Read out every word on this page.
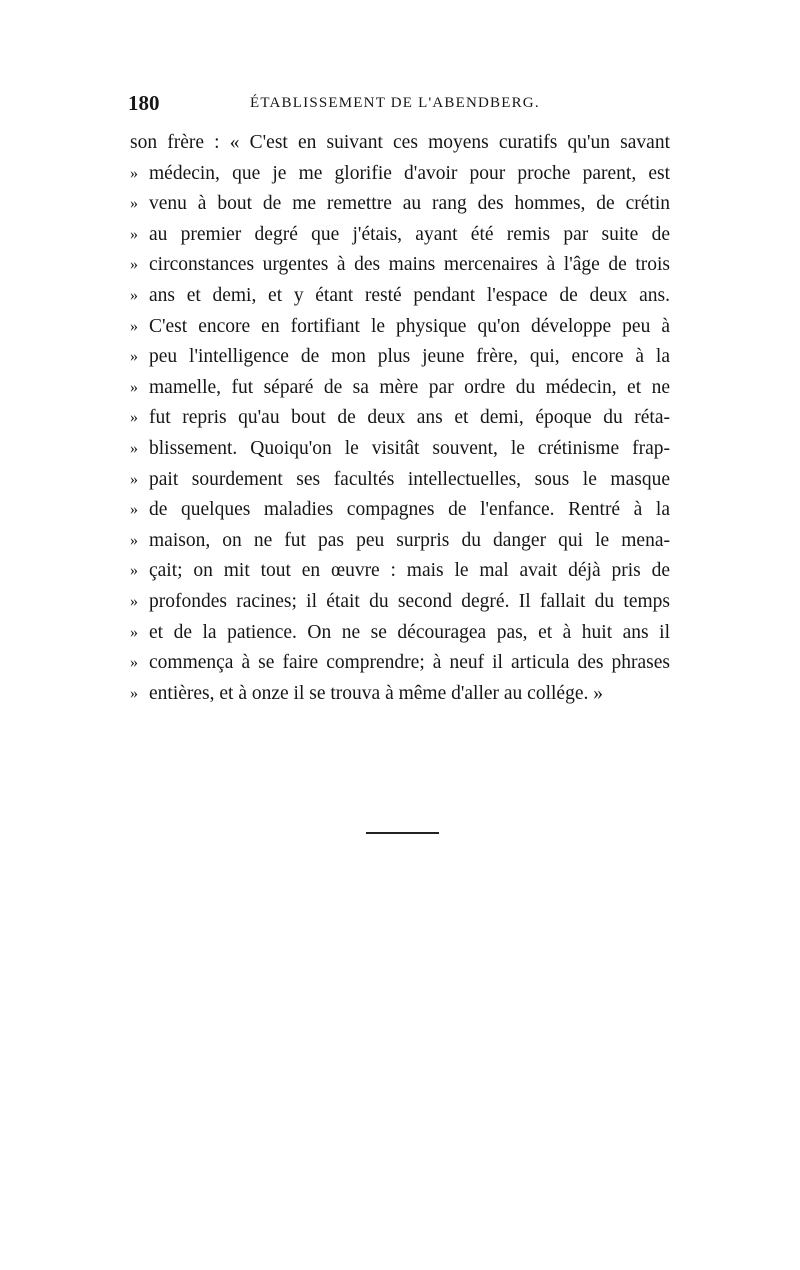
180	ÉTABLISSEMENT DE L'ABENDBERG.
son frère : « C'est en suivant ces moyens curatifs qu'un savant
» médecin, que je me glorifie d'avoir pour proche parent, est
» venu à bout de me remettre au rang des hommes, de crétin
» au premier degré que j'étais, ayant été remis par suite de
» circonstances urgentes à des mains mercenaires à l'âge de trois
» ans et demi, et y étant resté pendant l'espace de deux ans.
» C'est encore en fortifiant le physique qu'on développe peu à
» peu l'intelligence de mon plus jeune frère, qui, encore à la
» mamelle, fut séparé de sa mère par ordre du médecin, et ne
» fut repris qu'au bout de deux ans et demi, époque du réta-
» blissement. Quoiqu'on le visitât souvent, le crétinisme frap-
» pait sourdement ses facultés intellectuelles, sous le masque
» de quelques maladies compagnes de l'enfance. Rentré à la
» maison, on ne fut pas peu surpris du danger qui le mena-
» çait; on mit tout en œuvre : mais le mal avait déjà pris de
» profondes racines; il était du second degré. Il fallait du temps
» et de la patience. On ne se découragea pas, et à huit ans il
» commença à se faire comprendre; à neuf il articula des phrases
» entières, et à onze il se trouva à même d'aller au collége. »
